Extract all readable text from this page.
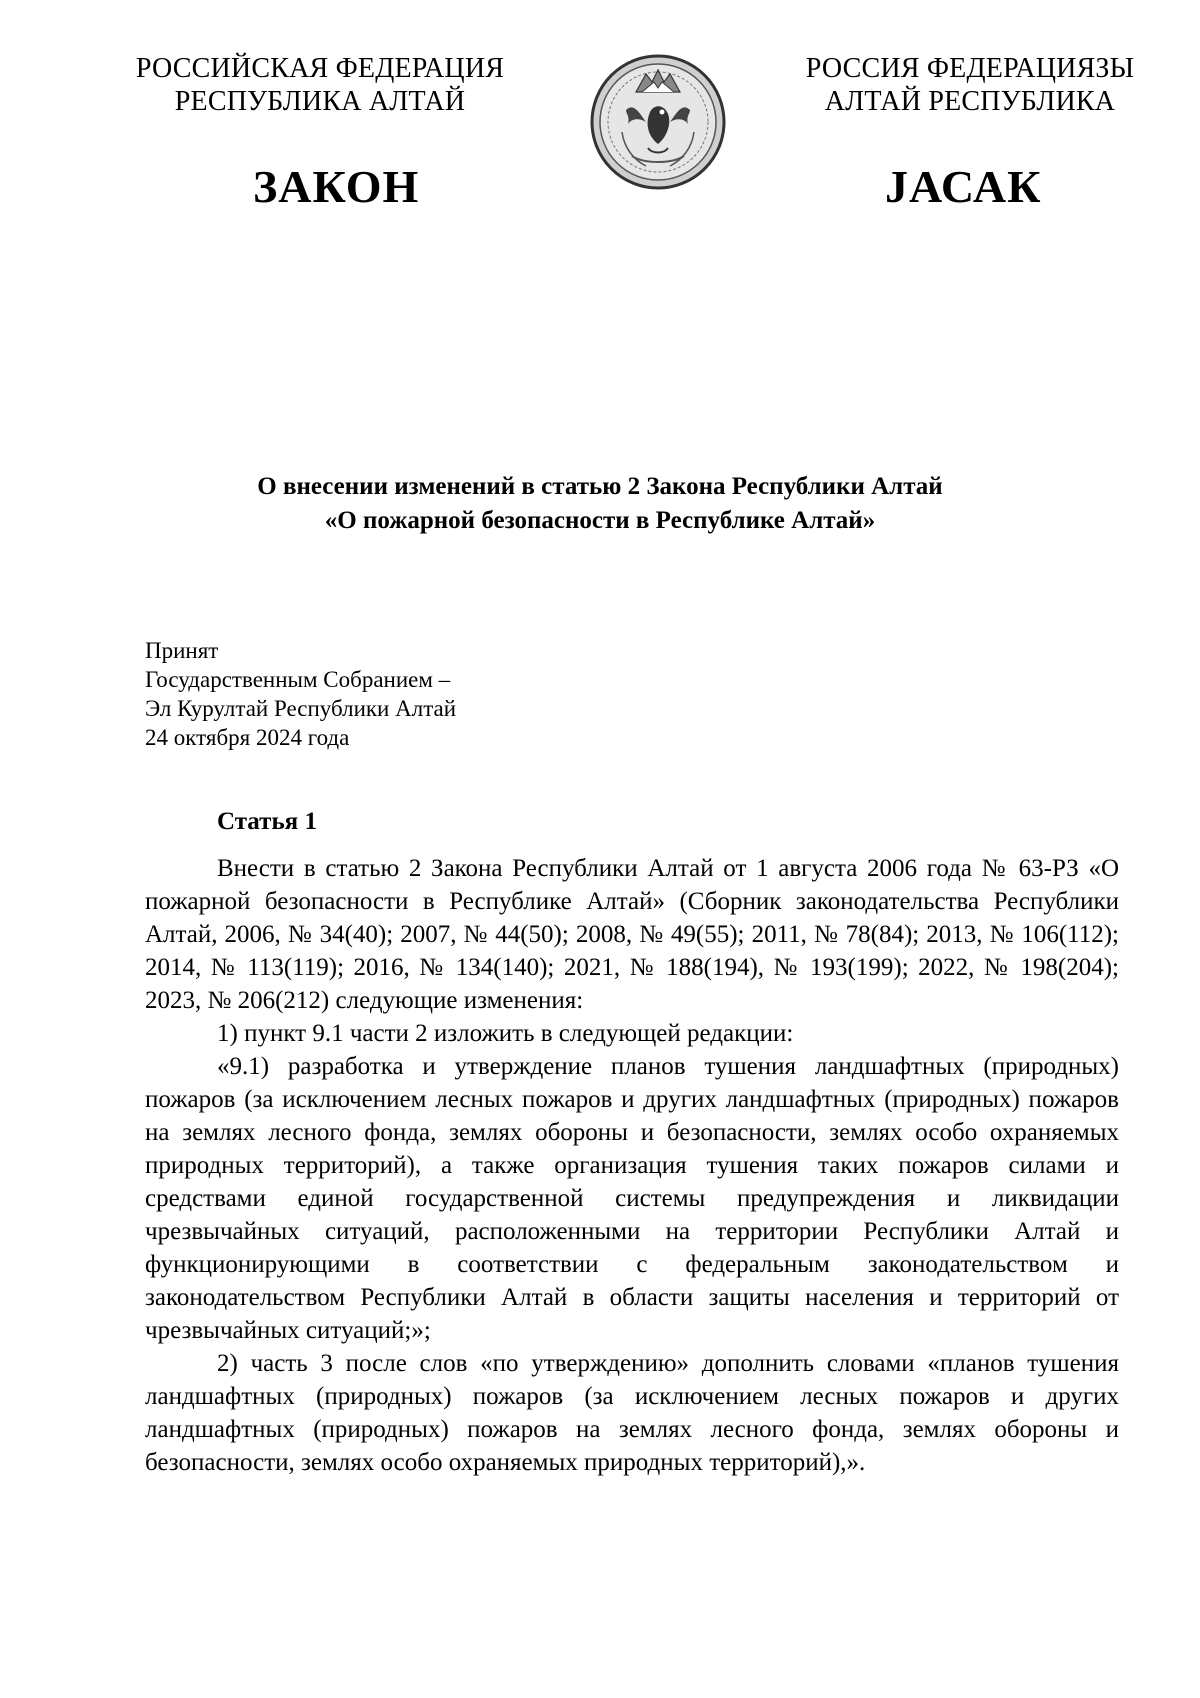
РОССИЙСКАЯ ФЕДЕРАЦИЯ
РЕСПУБЛИКА АЛТАЙ
РОССИЯ ФЕДЕРАЦИЯЗЫ
АЛТАЙ РЕСПУБЛИКА
ЗАКОН	ЈАСАК
О внесении изменений в статью 2 Закона Республики Алтай
«О пожарной безопасности в Республике Алтай»
Принят
Государственным Собранием –
Эл Курултай Республики Алтай
24 октября 2024 года
Статья 1

Внести в статью 2 Закона Республики Алтай от 1 августа 2006 года № 63-РЗ «О пожарной безопасности в Республике Алтай» (Сборник законодательства Республики Алтай, 2006, № 34(40); 2007, № 44(50); 2008, № 49(55); 2011, № 78(84); 2013, № 106(112); 2014, № 113(119); 2016, № 134(140); 2021, № 188(194), № 193(199); 2022, № 198(204); 2023, № 206(212) следующие изменения:

1) пункт 9.1 части 2 изложить в следующей редакции:

«9.1) разработка и утверждение планов тушения ландшафтных (природных) пожаров (за исключением лесных пожаров и других ландшафтных (природных) пожаров на землях лесного фонда, землях обороны и безопасности, землях особо охраняемых природных территорий), а также организация тушения таких пожаров силами и средствами единой государственной системы предупреждения и ликвидации чрезвычайных ситуаций, расположенными на территории Республики Алтай и функционирующими в соответствии с федеральным законодательством и законодательством Республики Алтай в области защиты населения и территорий от чрезвычайных ситуаций;»;

2) часть 3 после слов «по утверждению» дополнить словами «планов тушения ландшафтных (природных) пожаров (за исключением лесных пожаров и других ландшафтных (природных) пожаров на землях лесного фонда, землях обороны и безопасности, землях особо охраняемых природных территорий),».
